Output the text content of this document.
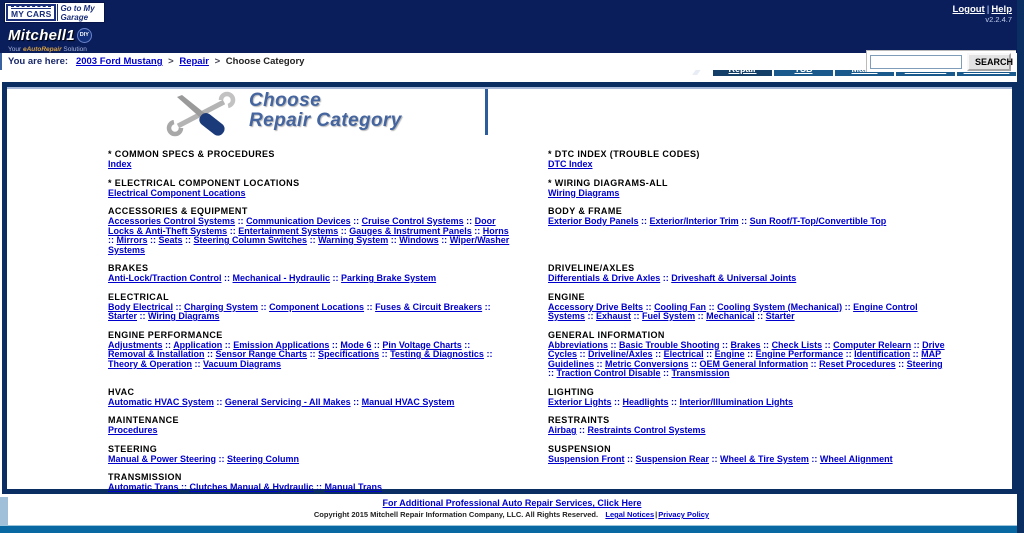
MY CARS
Go to My Garage
Logout | Help
v2.2.4.7
Mitchell1 DIY
Your eAutoRepair Solution
You are here: 2003 Ford Mustang > Repair > Choose Category	SEARCH
Choose
Repair Category
* COMMON SPECS & PROCEDURES

Index

* DTC INDEX (TROUBLE CODES)

DTC Index

* ELECTRICAL COMPONENT LOCATIONS

Electrical Component Locations

* WIRING DIAGRAMS-ALL

Wiring Diagrams

ACCESSORIES & EQUIPMENT

Accessories Control Systems :: Communication Devices :: Cruise Control Systems :: Door Locks & Anti-Theft Systems :: Entertainment Systems :: Gauges & Instrument Panels :: Horns :: Mirrors :: Seats :: Steering Column Switches :: Warning System :: Windows :: Wiper/Washer Systems

BODY & FRAME

Exterior Body Panels :: Exterior/Interior Trim :: Sun Roof/T-Top/Convertible Top

BRAKES

Anti-Lock/Traction Control :: Mechanical - Hydraulic :: Parking Brake System

DRIVELINE/AXLES

Differentials & Drive Axles :: Driveshaft & Universal Joints

ELECTRICAL

Body Electrical :: Charging System :: Component Locations :: Fuses & Circuit Breakers :: Starter :: Wiring Diagrams

ENGINE

Accessory Drive Belts :: Cooling Fan :: Cooling System (Mechanical) :: Engine Control Systems :: Exhaust :: Fuel System :: Mechanical :: Starter

ENGINE PERFORMANCE

Adjustments :: Application :: Emission Applications :: Mode 6 :: Pin Voltage Charts :: Removal & Installation :: Sensor Range Charts :: Specifications :: Testing & Diagnostics :: Theory & Operation :: Vacuum Diagrams

GENERAL INFORMATION

Abbreviations :: Basic Trouble Shooting :: Brakes :: Check Lists :: Computer Relearn :: Drive Cycles :: Driveline/Axles :: Electrical :: Engine :: Engine Performance :: Identification :: MAP Guidelines :: Metric Conversions :: OEM General Information :: Reset Procedures :: Steering :: Traction Control Disable :: Transmission

HVAC

Automatic HVAC System :: General Servicing - All Makes :: Manual HVAC System

LIGHTING

Exterior Lights :: Headlights :: Interior/Illumination Lights

MAINTENANCE

Procedures

RESTRAINTS

Airbag :: Restraints Control Systems

STEERING

Manual & Power Steering :: Steering Column

SUSPENSION

Suspension Front :: Suspension Rear :: Wheel & Tire System :: Wheel Alignment

TRANSMISSION

Automatic Trans :: Clutches Manual & Hydraulic :: Manual Trans

For Additional Professional Auto Repair Services, Click Here
Copyright 2015 Mitchell Repair Information Company, LLC. All Rights Reserved. Legal Notices|Privacy Policy
